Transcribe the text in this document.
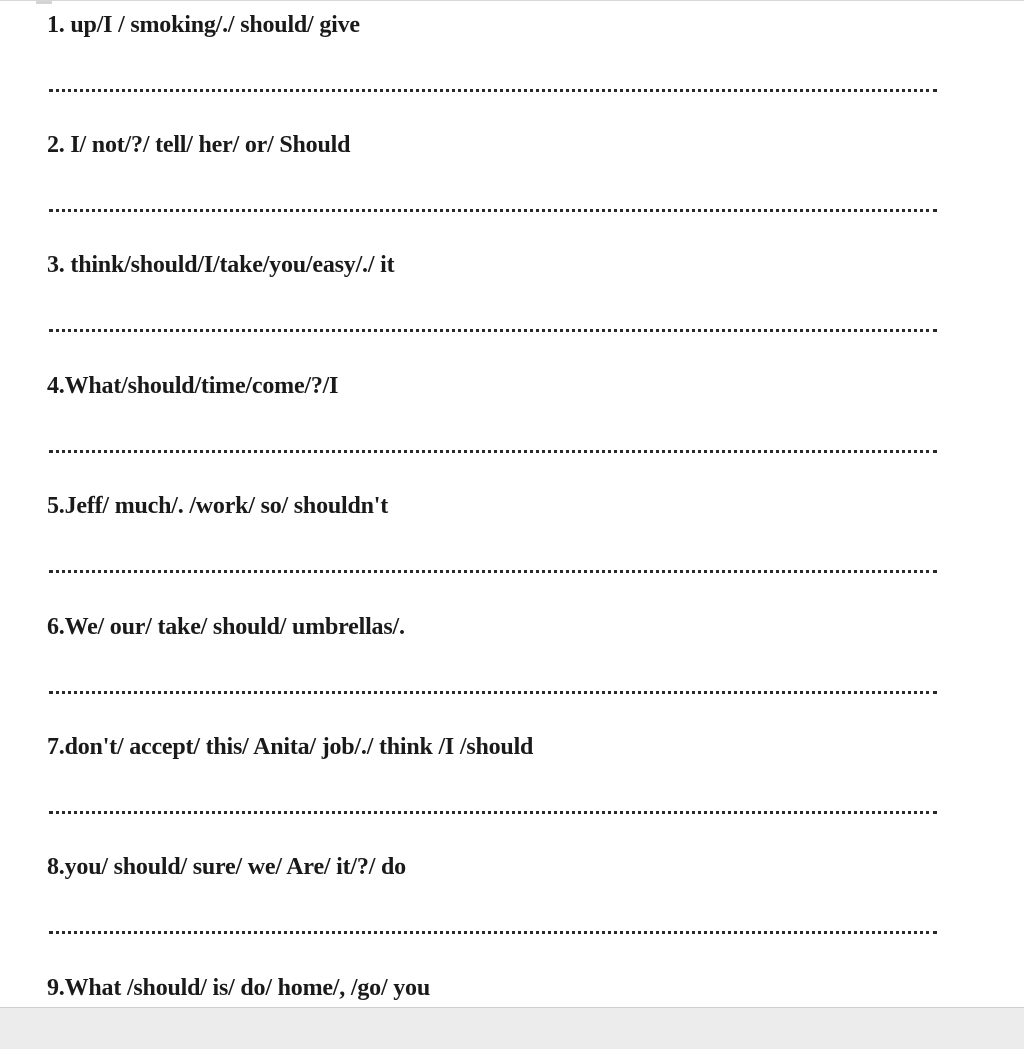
1. up/I / smoking/./ should/ give
2. I/ not/?/ tell/ her/ or/ Should
3. think/should/I/take/you/easy/./ it
4.What/should/time/come/?/I
5.Jeff/ much/. /work/ so/ shouldn't
6.We/ our/ take/ should/ umbrellas/.
7.don't/ accept/ this/ Anita/ job/./ think /I /should
8.you/ should/ sure/ we/ Are/ it/?/ do
9.What /should/ is/ do/ home/, /go/ you
